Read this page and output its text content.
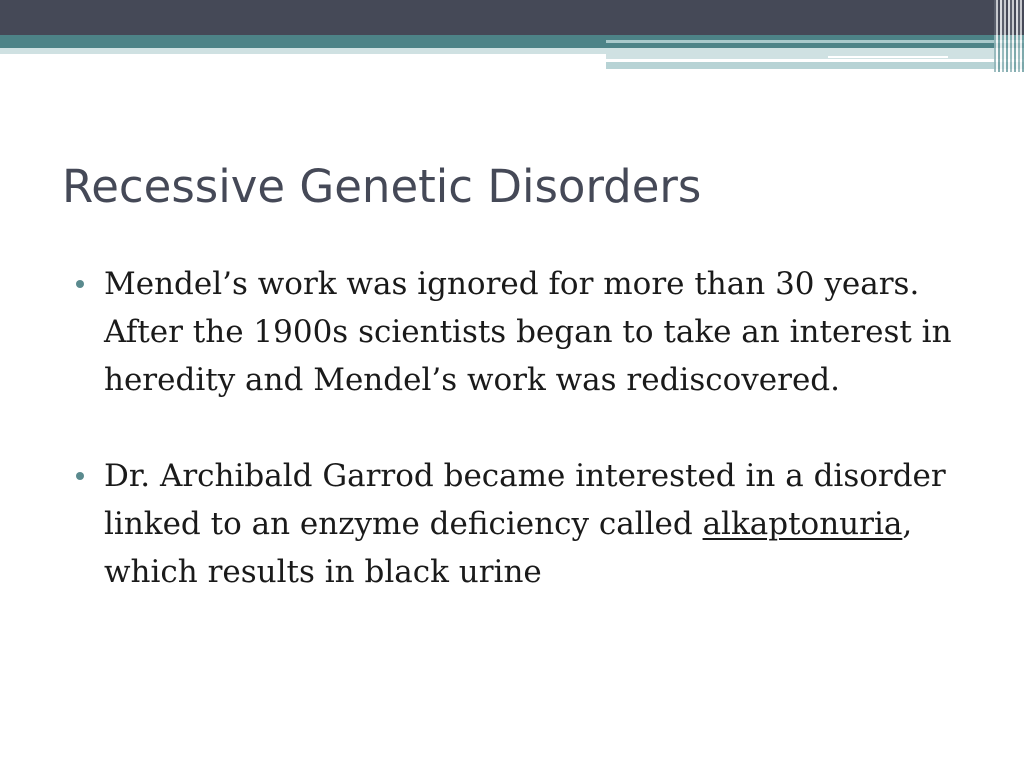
Recessive Genetic Disorders
Mendel’s work was ignored for more than 30 years. After the 1900s scientists began to take an interest in heredity and Mendel’s work was rediscovered.
Dr. Archibald Garrod became interested in a disorder linked to an enzyme deficiency called alkaptonuria, which results in black urine
